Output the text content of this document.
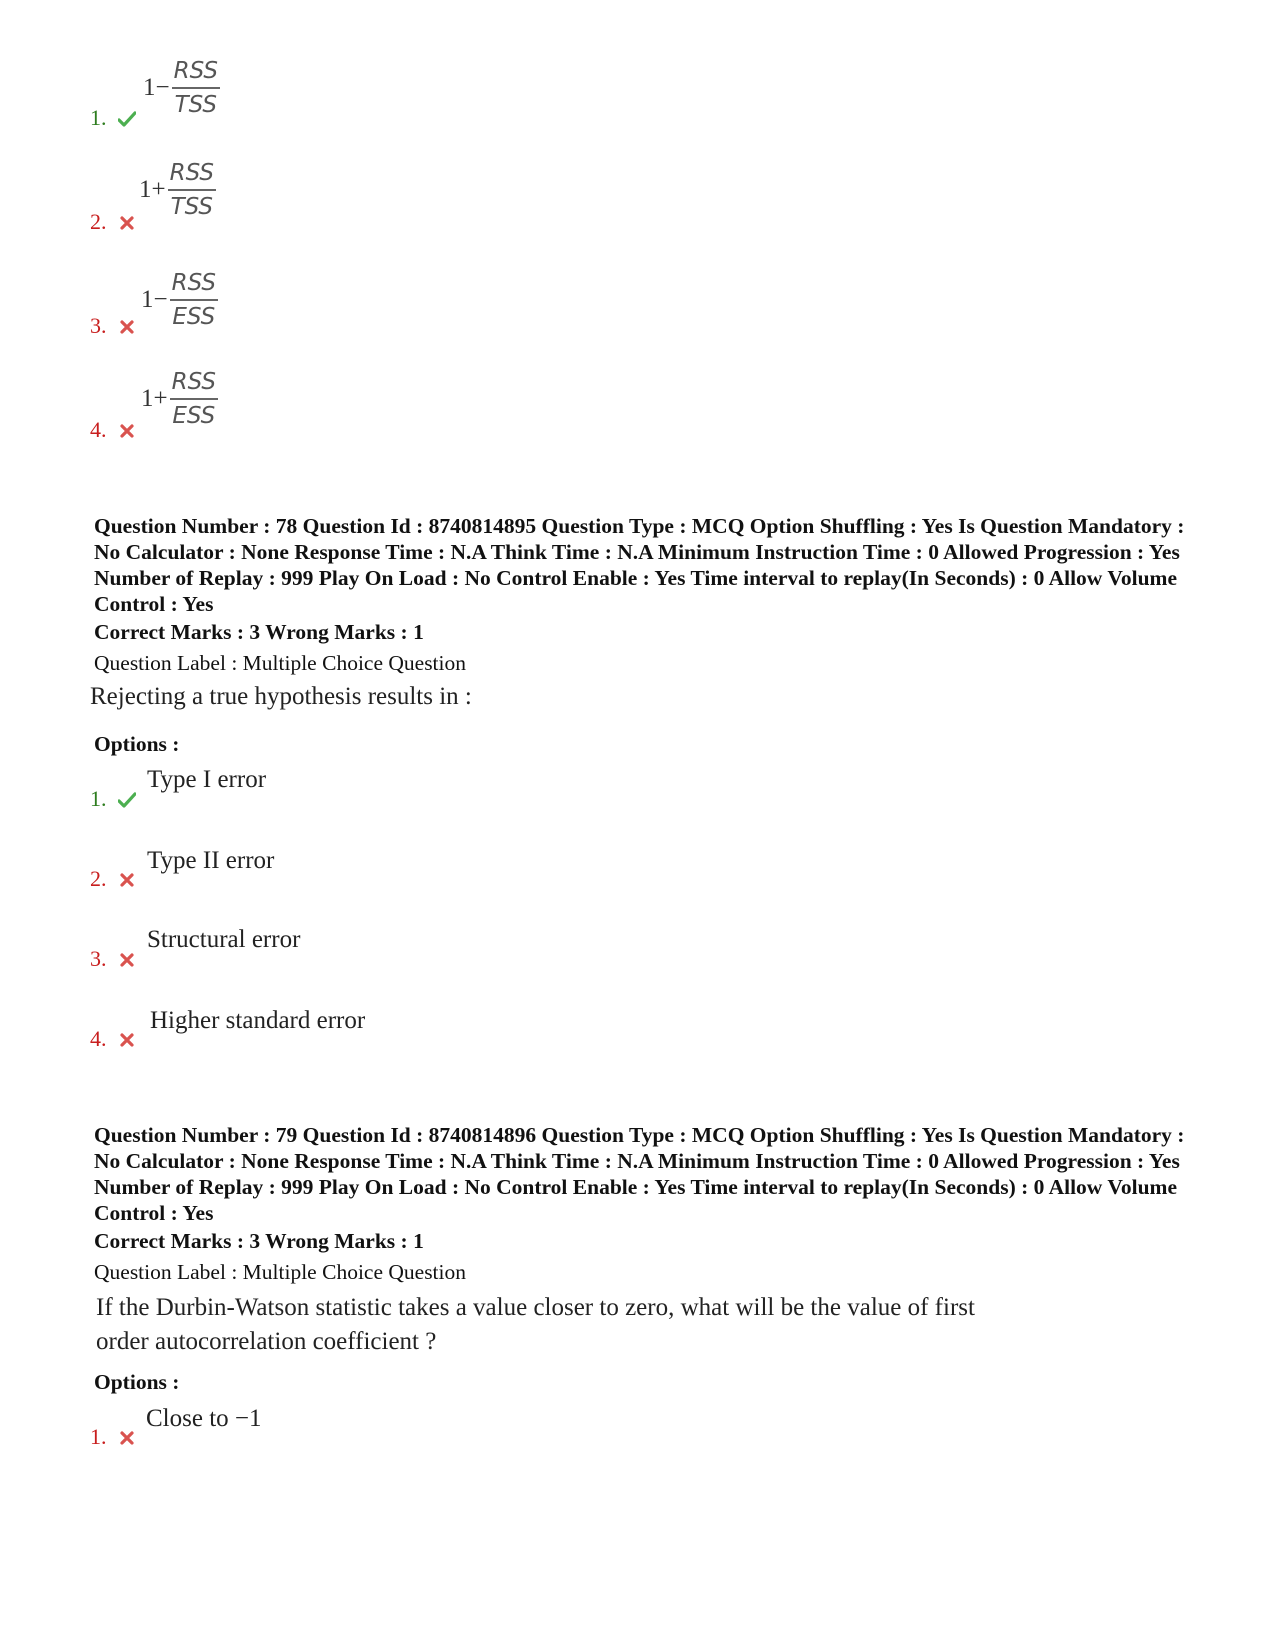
1.
$1- \frac{\text{RSS}}{\text{TSS}}$
2.
$1+ \frac{\text{RSS}}{\text{TSS}}$
3.
$1- \frac{\text{RSS}}{\text{ESS}}$
4.
$1+ \frac{\text{RSS}}{\text{ESS}}$
Question Number : 78 Question Id : 8740814895 Question Type : MCQ Option Shuffling : Yes Is Question Mandatory : No Calculator : None Response Time : N.A Think Time : N.A Minimum Instruction Time : 0 Allowed Progression : Yes Number of Replay : 999 Play On Load : No Control Enable : Yes Time interval to replay(In Seconds) : 0 Allow Volume Control : Yes
Correct Marks : 3 Wrong Marks : 1
Question Label : Multiple Choice Question
Rejecting a true hypothesis results in :
Options :
1.
Type I error
2.
Type II error
3.
Structural error
4.
Higher standard error
Question Number : 79 Question Id : 8740814896 Question Type : MCQ Option Shuffling : Yes Is Question Mandatory : No Calculator : None Response Time : N.A Think Time : N.A Minimum Instruction Time : 0 Allowed Progression : Yes Number of Replay : 999 Play On Load : No Control Enable : Yes Time interval to replay(In Seconds) : 0 Allow Volume Control : Yes
Correct Marks : 3 Wrong Marks : 1
Question Label : Multiple Choice Question
If the Durbin-Watson statistic takes a value closer to zero, what will be the value of first
order autocorrelation coefficient ?
Options :
1.
Close to −1
